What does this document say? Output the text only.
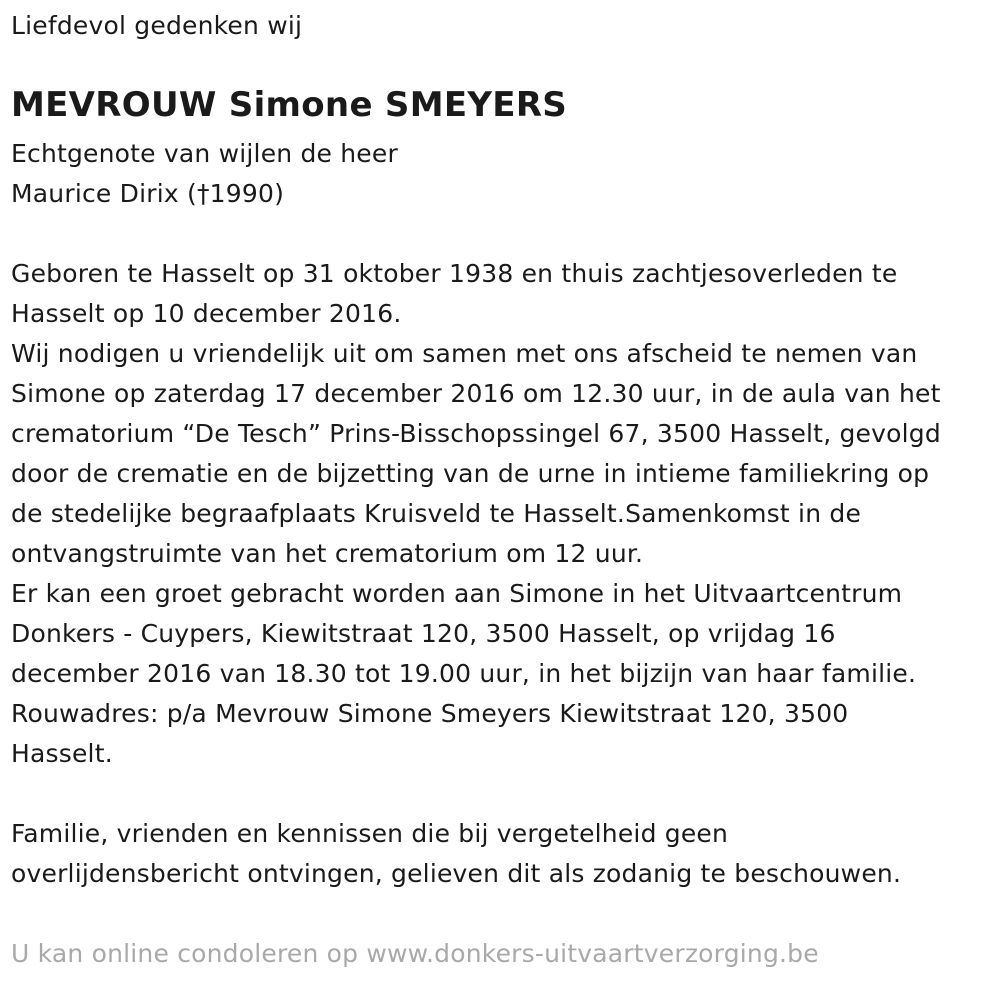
Liefdevol gedenken wij
MEVROUW Simone SMEYERS
Echtgenote van wijlen de heer
Maurice Dirix (†1990)
Geboren te Hasselt op 31 oktober 1938 en thuis zachtjesoverleden te
Hasselt op 10 december 2016.
Wij nodigen u vriendelijk uit om samen met ons afscheid te nemen van
Simone op zaterdag 17 december 2016 om 12.30 uur, in de aula van het
crematorium “De Tesch” Prins-Bisschopssingel 67, 3500 Hasselt, gevolgd
door de crematie en de bijzetting van de urne in intieme familiekring op
de stedelijke begraafplaats Kruisveld te Hasselt.Samenkomst in de
ontvangstruimte van het crematorium om 12 uur.
Er kan een groet gebracht worden aan Simone in het Uitvaartcentrum
Donkers - Cuypers, Kiewitstraat 120, 3500 Hasselt, op vrijdag 16
december 2016 van 18.30 tot 19.00 uur, in het bijzijn van haar familie.
Rouwadres: p/a Mevrouw Simone Smeyers Kiewitstraat 120, 3500
Hasselt.
Familie, vrienden en kennissen die bij vergetelheid geen
overlijdensbericht ontvingen, gelieven dit als zodanig te beschouwen.
U kan online condoleren op www.donkers-uitvaartverzorging.be
